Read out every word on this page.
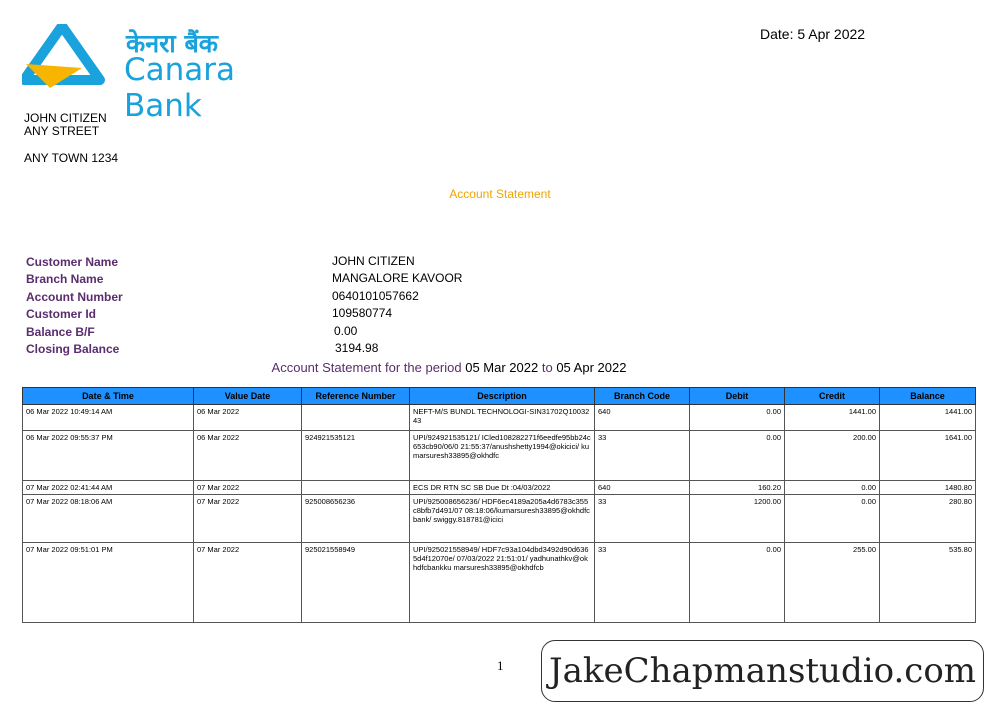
केनरा बैंक
Canara Bank
Date: 5 Apr 2022
JOHN CITIZEN
ANY STREET
ANY TOWN 1234
Account Statement
Customer Name	JOHN CITIZEN
Branch Name	MANGALORE KAVOOR
Account Number	0640101057662
Customer Id	109580774
Balance B/F	0.00
Closing Balance	3194.98
Account Statement for the period 05 Mar 2022 to 05 Apr 2022
Date & Time	Value Date	Reference Number	Description	Branch Code	Debit	Credit	Balance
06 Mar 2022 10:49:14 AM	06 Mar 2022		NEFT-M/S BUNDL TECHNOLOGI-SIN31702Q1003243	640	0.00	1441.00	1441.00
06 Mar 2022 09:55:37 PM	06 Mar 2022	924921535121	UPI/924921535121/ ICled108282271f6eedfe95bb24c653cb90/06/0 21:55:37/anushshetty1994@okicici/ kumarsuresh33895@okhdfc	33	0.00	200.00	1641.00
07 Mar 2022 02:41:44 AM	07 Mar 2022		ECS DR RTN SC SB Due Dt :04/03/2022	640	160.20	0.00	1480.80
07 Mar 2022 08:18:06 AM	07 Mar 2022	925008656236	UPI/925008656236/ HDF6ec4189a205a4d6783c355c8bfb7d491/07 08:18:06/kumarsuresh33895@okhdfcbank/ swiggy.818781@icici	33	1200.00	0.00	280.80
07 Mar 2022 09:51:01 PM	07 Mar 2022	925021558949	UPI/925021558949/ HDF7c93a104dbd3492d90d6365d4f12070e/ 07/03/2022 21:51:01/ yadhunathkv@okhdfcbankku marsuresh33895@okhdfcb	33	0.00	255.00	535.80
1 JakeChapmanstudio.com
